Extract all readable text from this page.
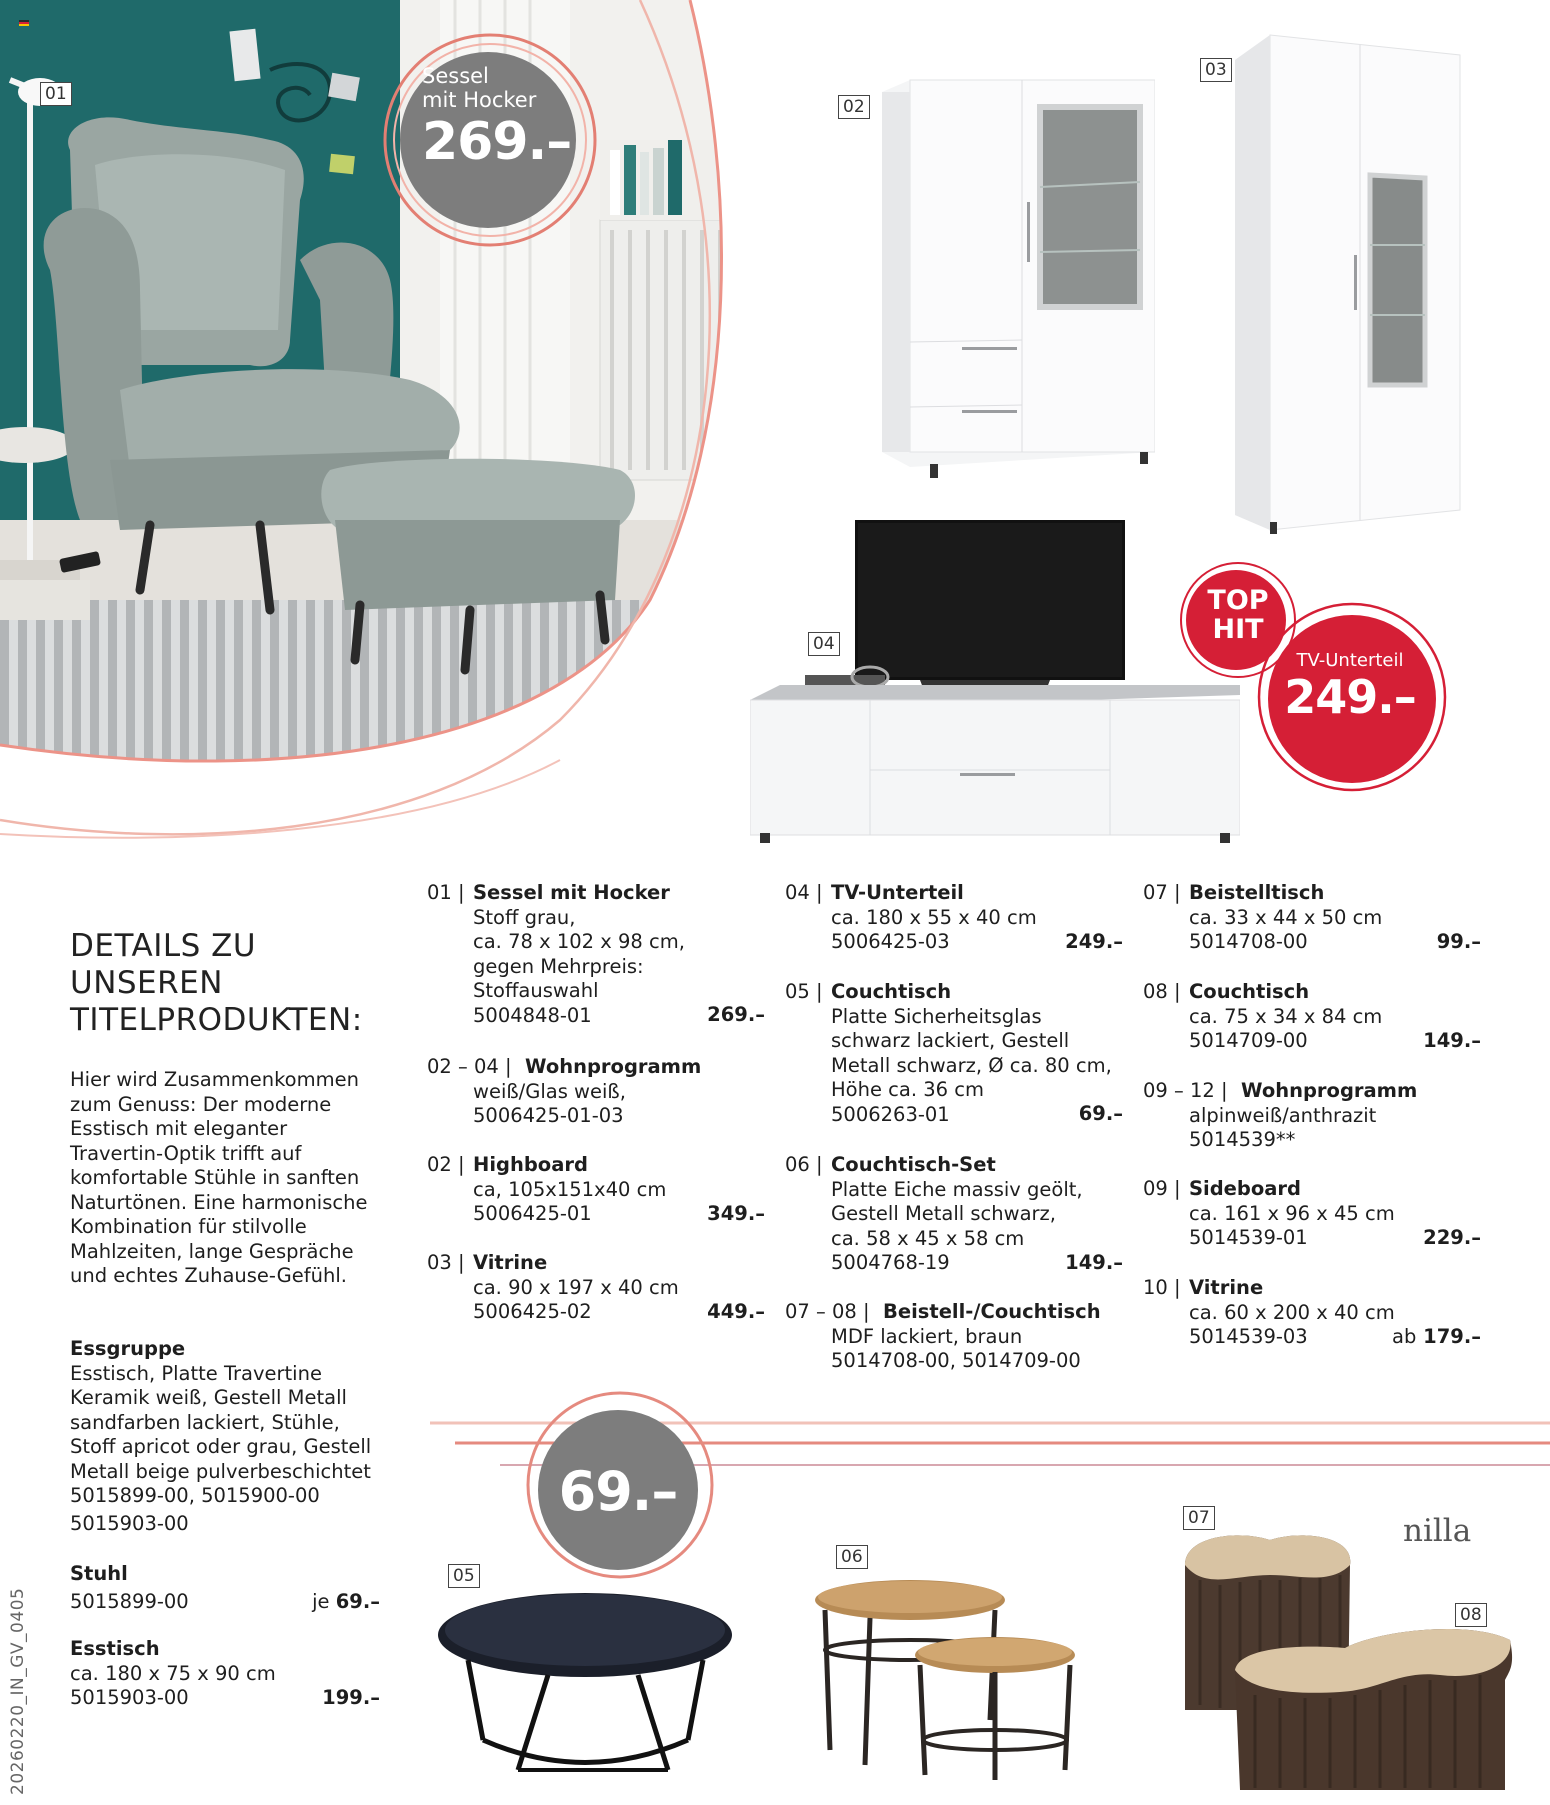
Sessel
mit Hocker
269.–
TOP
HIT
TV-Unterteil
249.–
01
02
03
04
05
06
07
08
DETAILS ZU
UNSEREN
TITELPRODUKTEN:
Hier wird Zusammenkommen
zum Genuss: Der moderne
Esstisch mit eleganter
Travertin-Optik trifft auf
komfortable Stühle in sanften
Naturtönen. Eine harmonische
Kombination für stilvolle
Mahlzeiten, lange Gespräche
und echtes Zuhause-Gefühl.
Essgruppe
Esstisch, Platte Travertine
Keramik weiß, Gestell Metall
sandfarben lackiert, Stühle,
Stoff apricot oder grau, Gestell
Metall beige pulverbeschichtet
5015899-00, 5015900-00
5015903-00
Stuhl
5015899-00	je 69.–
Esstisch
ca. 180 x 75 x 90 cm
5015903-00	199.–
01 | Sessel mit Hocker
Stoff grau,
ca. 78 x 102 x 98 cm,
gegen Mehrpreis:
Stoffauswahl
5004848-01	269.–
02 – 04 | Wohnprogramm
weiß/Glas weiß,
5006425-01-03
02 | Highboard
ca, 105x151x40 cm
5006425-01	349.–
03 | Vitrine
ca. 90 x 197 x 40 cm
5006425-02	449.–
04 | TV-Unterteil
ca. 180 x 55 x 40 cm
5006425-03	249.–
05 | Couchtisch
Platte Sicherheitsglas
schwarz lackiert, Gestell
Metall schwarz, Ø ca. 80 cm,
Höhe ca. 36 cm
5006263-01	69.–
06 | Couchtisch-Set
Platte Eiche massiv geölt,
Gestell Metall schwarz,
ca. 58 x 45 x 58 cm
5004768-19	149.–
07 – 08 | Beistell-/Couchtisch
MDF lackiert, braun
5014708-00, 5014709-00
07 | Beistelltisch
ca. 33 x 44 x 50 cm
5014708-00	99.–
08 | Couchtisch
ca. 75 x 34 x 84 cm
5014709-00	149.–
09 – 12 | Wohnprogramm
alpinweiß/anthrazit
5014539**
09 | Sideboard
ca. 161 x 96 x 45 cm
5014539-01	229.–
10 | Vitrine
ca. 60 x 200 x 40 cm
5014539-03	ab 179.–
69.–
nilla
20260220_IN_GV_0405
